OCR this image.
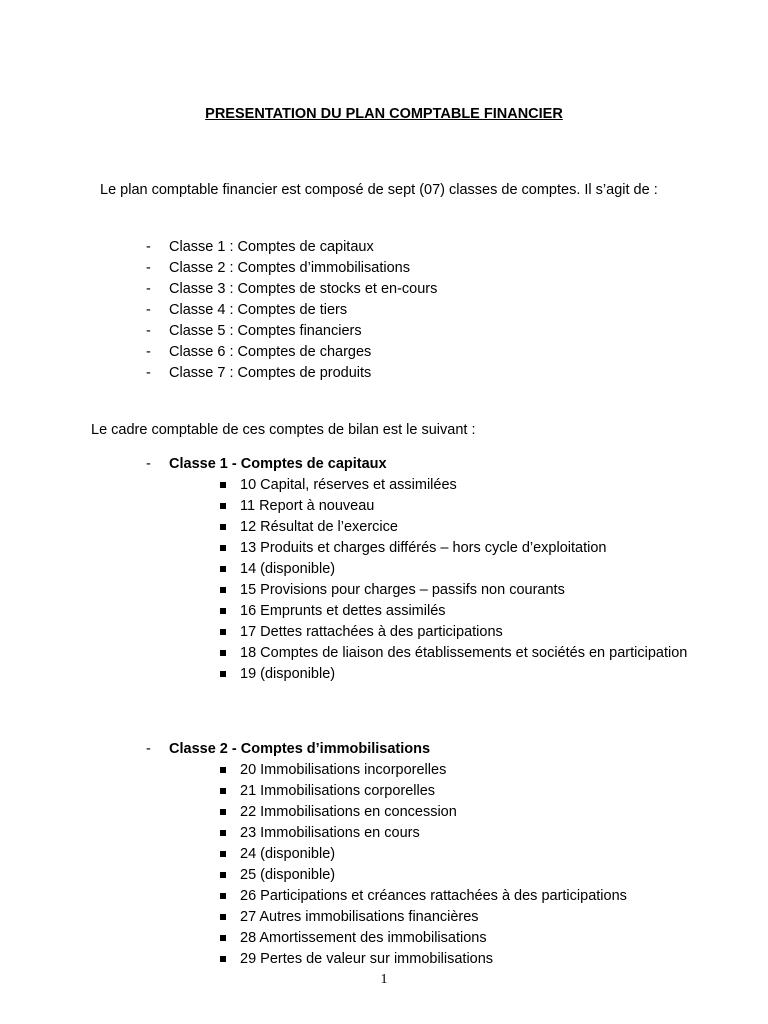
PRESENTATION DU PLAN COMPTABLE FINANCIER
Le plan comptable financier est composé de sept (07) classes de comptes. Il s’agit de :
- Classe 1 : Comptes de capitaux
- Classe 2 : Comptes d’immobilisations
- Classe 3 : Comptes de stocks et en-cours
- Classe 4 : Comptes de tiers
- Classe 5 : Comptes financiers
- Classe 6 : Comptes de charges
- Classe 7 : Comptes de produits
Le cadre comptable de ces comptes de bilan est le suivant :
- Classe 1 - Comptes de capitaux
10 Capital, réserves et assimilées
11 Report à nouveau
12 Résultat de l’exercice
13 Produits et charges différés – hors cycle d’exploitation
14 (disponible)
15 Provisions pour charges – passifs non courants
16 Emprunts et dettes assimilés
17 Dettes rattachées à des participations
18 Comptes de liaison des établissements et sociétés en participation
19 (disponible)
- Classe 2 - Comptes d’immobilisations
20 Immobilisations incorporelles
21 Immobilisations corporelles
22 Immobilisations en concession
23 Immobilisations en cours
24 (disponible)
25 (disponible)
26 Participations et créances rattachées à des participations
27 Autres immobilisations financières
28 Amortissement des immobilisations
29 Pertes de valeur sur immobilisations
1
